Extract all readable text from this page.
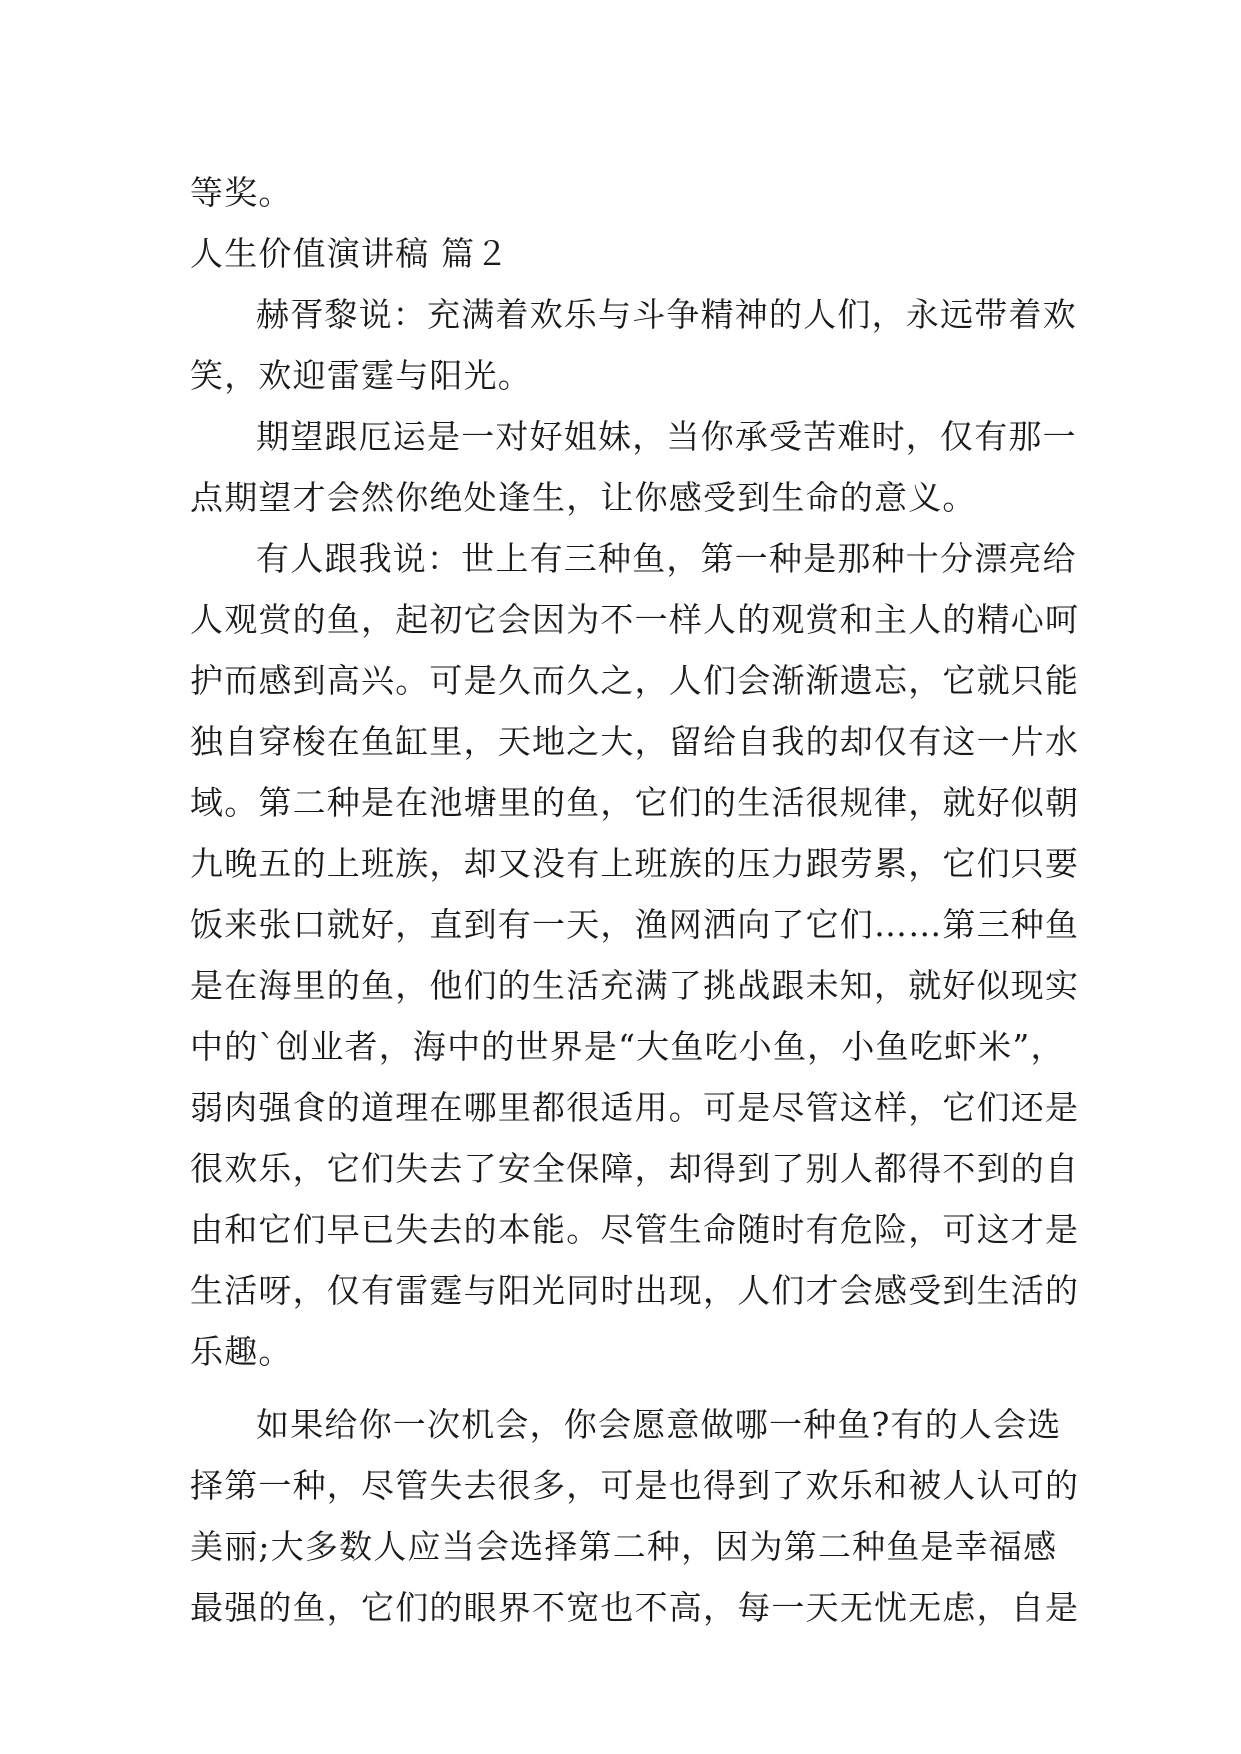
等奖。
人生价值演讲稿 篇２
赫胥黎说：充满着欢乐与斗争精神的人们，永远带着欢
笑，欢迎雷霆与阳光。
期望跟厄运是一对好姐妹，当你承受苦难时，仅有那一
点期望才会然你绝处逢生，让你感受到生命的意义。
有人跟我说：世上有三种鱼，第一种是那种十分漂亮给
人观赏的鱼，起初它会因为不一样人的观赏和主人的精心呵
护而感到高兴。可是久而久之，人们会渐渐遗忘，它就只能
独自穿梭在鱼缸里，天地之大，留给自我的却仅有这一片水
域。第二种是在池塘里的鱼，它们的生活很规律，就好似朝
九晚五的上班族，却又没有上班族的压力跟劳累，它们只要
饭来张口就好，直到有一天，渔网洒向了它们……第三种鱼
是在海里的鱼，他们的生活充满了挑战跟未知，就好似现实
中的`创业者，海中的世界是“大鱼吃小鱼，小鱼吃虾米”，
弱肉强食的道理在哪里都很适用。可是尽管这样，它们还是
很欢乐，它们失去了安全保障，却得到了别人都得不到的自
由和它们早已失去的本能。尽管生命随时有危险，可这才是
生活呀，仅有雷霆与阳光同时出现，人们才会感受到生活的
乐趣。
如果给你一次机会，你会愿意做哪一种鱼?有的人会选
择第一种，尽管失去很多，可是也得到了欢乐和被人认可的
美丽;大多数人应当会选择第二种，因为第二种鱼是幸福感
最强的鱼，它们的眼界不宽也不高，每一天无忧无虑，自是
